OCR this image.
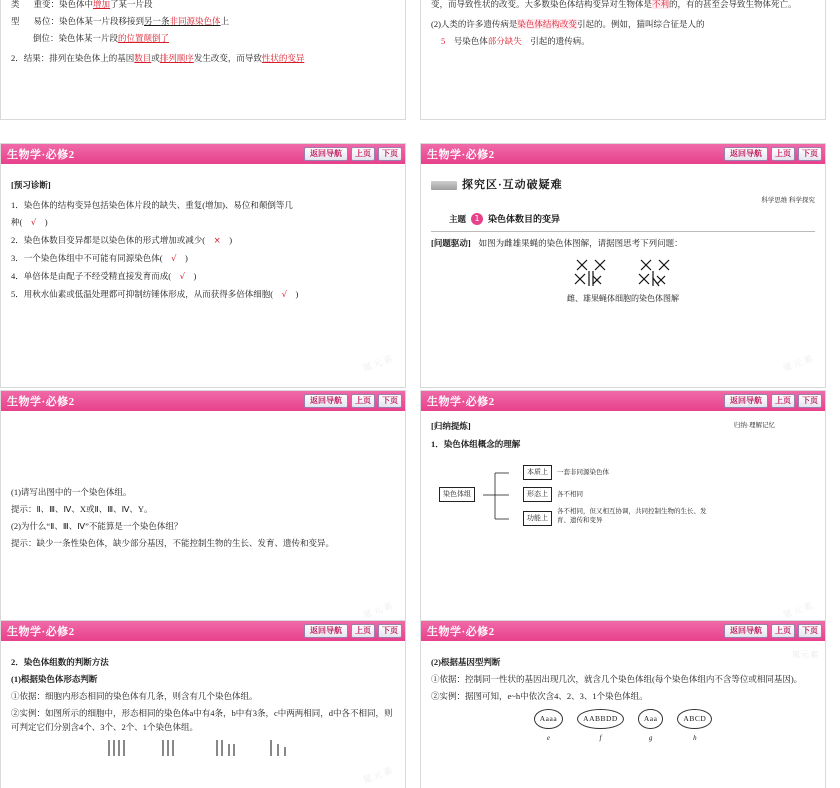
类 重变：染色体中增加了某一片段

型 易位：染色体某一片段移接到另一条非同源染色体上

倒位：染色体某一片段的位置颠倒了

2．结果：排列在染色体上的基因数目或排列顺序发生改变，而导致性状的变异

变，而导致性状的改变。大多数染色体结构变异对生物体是不利的，有的甚至会导致生物体死亡。

(2)人类的许多遗传病是染色体结构改变引起的。例如，猫叫综合征是人的

5　号染色体部分缺失　引起的遗传病。

生物学·必修2	返回导航	上页	下页

[预习诊断]

1．染色体的结构变异包括染色体片段的缺失、重复(增加)、易位和颠倒等几

种(　√　)

2．染色体数目变异都是以染色体的形式增加或减少(　×　)

3．一个染色体组中不可能有同源染色体(　√　)

4．单倍体是由配子不经受精直接发育而成(　√　)

5．用秋水仙素或低温处理都可抑制纺锤体形成，从而获得多倍体细胞(　√　)

氪元素
生物学·必修2	返回导航	上页	下页
探究区·互动破疑难
科学思维 科学探究
主题	1 染色体数目的变异

[问题驱动] 如图为雌雄果蝇的染色体图解，请据图思考下列问题：

雌、雄果蝇体细胞的染色体图解
氪元素
生物学·必修2	返回导航	上页	下页

(1)请写出图中的一个染色体组。

提示：Ⅱ、Ⅲ、Ⅳ、X或Ⅱ、Ⅲ、Ⅳ、Y。

(2)为什么“Ⅱ、Ⅲ、Ⅳ”不能算是一个染色体组？

提示：缺少一条性染色体，缺少部分基因，不能控制生物的生长、发育、遗传和变异。

氪元素
生物学·必修2	返回导航	上页	下页
[归纳提炼]	归纳·理解记忆

1．染色体组概念的理解

染色体组
本质上	一套非同源染色体
形态上	各不相同
功能上
各不相同，但又相互协调，共同控制生物的生长、发育、遗传和变异
氪元素
生物学·必修2	返回导航	上页	下页

2．染色体组数的判断方法

(1)根据染色体形态判断

①依据：细胞内形态相同的染色体有几条，则含有几个染色体组。

②实例：如图所示的细胞中，形态相同的染色体a中有4条，b中有3条，c中两两相同，d中各不相同，则可判定它们分别含4个、3个、2个、1个染色体组。

氪元素
生物学·必修2	返回导航	上页	下页

(2)根据基因型判断

①依据：控制同一性状的基因出现几次，就含几个染色体组(每个染色体组内不含等位或相同基因)。

②实例：据图可知，e~h中依次含4、2、3、1个染色体组。

Aaaa
e
AABBDD
f
Aaa
g
ABCD
h
氪元素
